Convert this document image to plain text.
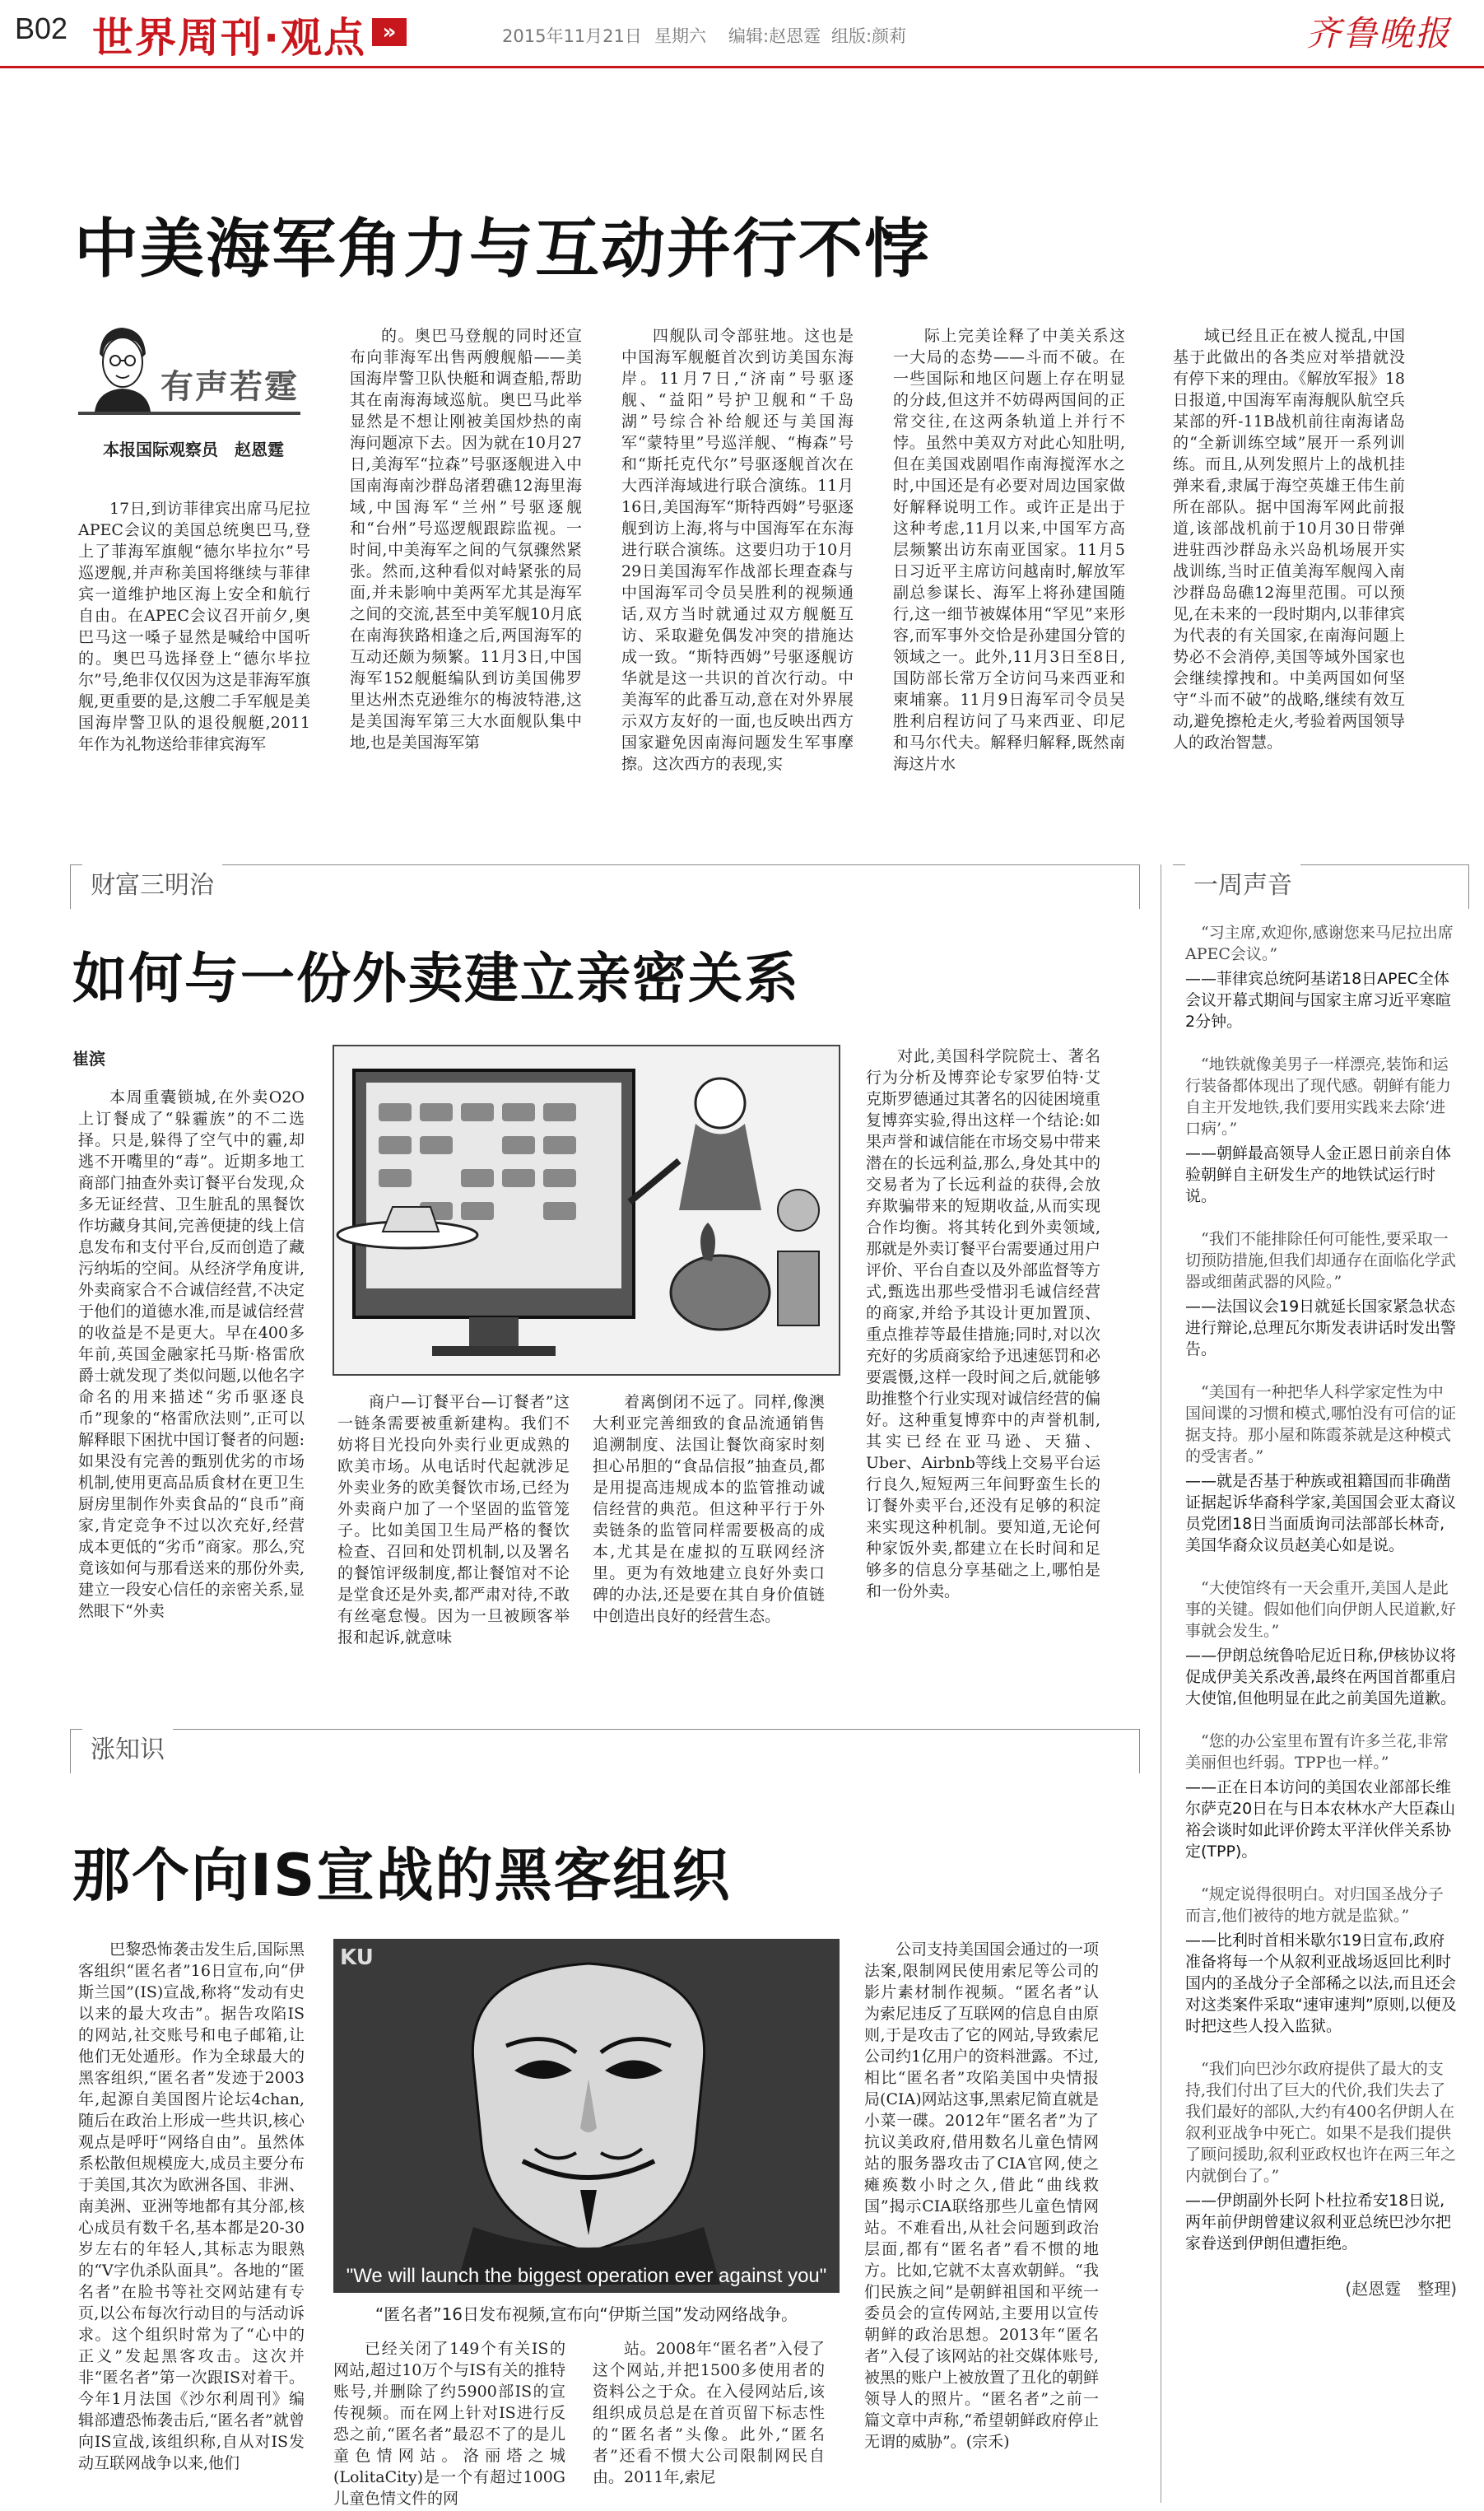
B02 世界周刊·观点 »	2015年11月21日 星期六 编辑:赵恩霆 组版:颜莉	齐鲁晚报
中美海军角力与互动并行不悖
有声若霆
本报国际观察员　赵恩霆
17日,到访菲律宾出席马尼拉APEC会议的美国总统奥巴马,登上了菲海军旗舰“德尔毕拉尔”号巡逻舰,并声称美国将继续与菲律宾一道维护地区海上安全和航行自由。在APEC会议召开前夕,奥巴马这一嗓子显然是喊给中国听的。奥巴马选择登上“德尔毕拉尔”号,绝非仅仅因为这是菲海军旗舰,更重要的是,这艘二手军舰是美国海岸警卫队的退役舰艇,2011年作为礼物送给菲律宾海军
的。奥巴马登舰的同时还宣布向菲海军出售两艘舰船——美国海岸警卫队快艇和调查船,帮助其在南海海域巡航。奥巴马此举显然是不想让刚被美国炒热的南海问题凉下去。因为就在10月27日,美海军“拉森”号驱逐舰进入中国南海南沙群岛渚碧礁12海里海域,中国海军“兰州”号驱逐舰和“台州”号巡逻舰跟踪监视。一时间,中美海军之间的气氛骤然紧张。然而,这种看似对峙紧张的局面,并未影响中美两军尤其是海军之间的交流,甚至中美军舰10月底在南海狭路相逢之后,两国海军的互动还颇为频繁。11月3日,中国海军152舰艇编队到访美国佛罗里达州杰克逊维尔的梅波特港,这是美国海军第三大水面舰队集中地,也是美国海军第
四舰队司令部驻地。这也是中国海军舰艇首次到访美国东海岸。11月7日,“济南”号驱逐舰、“益阳”号护卫舰和“千岛湖”号综合补给舰还与美国海军“蒙特里”号巡洋舰、“梅森”号和“斯托克代尔”号驱逐舰首次在大西洋海域进行联合演练。11月16日,美国海军“斯特西姆”号驱逐舰到访上海,将与中国海军在东海进行联合演练。这要归功于10月29日美国海军作战部长理查森与中国海军司令员吴胜利的视频通话,双方当时就通过双方舰艇互访、采取避免偶发冲突的措施达成一致。“斯特西姆”号驱逐舰访华就是这一共识的首次行动。中美海军的此番互动,意在对外界展示双方友好的一面,也反映出西方国家避免因南海问题发生军事摩擦。这次西方的表现,实
际上完美诠释了中美关系这一大局的态势——斗而不破。在一些国际和地区问题上存在明显的分歧,但这并不妨碍两国间的正常交往,在这两条轨道上并行不悖。虽然中美双方对此心知肚明,但在美国戏剧唱作南海搅浑水之时,中国还是有必要对周边国家做好解释说明工作。或许正是出于这种考虑,11月以来,中国军方高层频繁出访东南亚国家。11月5日习近平主席访问越南时,解放军副总参谋长、海军上将孙建国随行,这一细节被媒体用“罕见”来形容,而军事外交恰是孙建国分管的领域之一。此外,11月3日至8日,国防部长常万全访问马来西亚和柬埔寨。11月9日海军司令员吴胜利启程访问了马来西亚、印尼和马尔代夫。解释归解释,既然南海这片水
域已经且正在被人搅乱,中国基于此做出的各类应对举措就没有停下来的理由。《解放军报》18日报道,中国海军南海舰队航空兵某部的歼-11B战机前往南海诸岛的“全新训练空域”展开一系列训练。而且,从列发照片上的战机挂弹来看,隶属于海空英雄王伟生前所在部队。据中国海军网此前报道,该部战机前于10月30日带弹进驻西沙群岛永兴岛机场展开实战训练,当时正值美海军舰闯入南沙群岛岛礁12海里范围。可以预见,在未来的一段时期内,以菲律宾为代表的有关国家,在南海问题上势必不会消停,美国等域外国家也会继续撑拽和。中美两国如何坚守“斗而不破”的战略,继续有效互动,避免擦枪走火,考验着两国领导人的政治智慧。
财富三明治
如何与一份外卖建立亲密关系
崔滨
本周重囊锁城,在外卖O2O上订餐成了“躲霾族”的不二选择。只是,躲得了空气中的霾,却逃不开嘴里的“毒”。近期多地工商部门抽查外卖订餐平台发现,众多无证经营、卫生脏乱的黑餐饮作坊藏身其间,完善便捷的线上信息发布和支付平台,反而创造了藏污纳垢的空间。从经济学角度讲,外卖商家合不合诚信经营,不决定于他们的道德水准,而是诚信经营的收益是不是更大。早在400多年前,英国金融家托马斯·格雷欣爵士就发现了类似问题,以他名字命名的用来描述“劣币驱逐良币”现象的“格雷欣法则”,正可以解释眼下困扰中国订餐者的问题:如果没有完善的甄别优劣的市场机制,使用更高品质食材在更卫生厨房里制作外卖食品的“良币”商家,肯定竞争不过以次充好,经营成本更低的“劣币”商家。那么,究竟该如何与那看送来的那份外卖,建立一段安心信任的亲密关系,显然眼下“外卖
商户—订餐平台—订餐者”这一链条需要被重新建构。我们不妨将目光投向外卖行业更成熟的欧美市场。从电话时代起就涉足外卖业务的欧美餐饮市场,已经为外卖商户加了一个坚固的监管笼子。比如美国卫生局严格的餐饮检查、召回和处罚机制,以及署名的餐馆评级制度,都让餐馆对不论是堂食还是外卖,都严肃对待,不敢有丝毫怠慢。因为一旦被顾客举报和起诉,就意味
着离倒闭不远了。同样,像澳大利亚完善细致的食品流通销售追溯制度、法国让餐饮商家时刻担心吊胆的“食品信报”抽查员,都是用提高违规成本的监管推动诚信经营的典范。但这种平行于外卖链条的监管同样需要极高的成本,尤其是在虚拟的互联网经济里。更为有效地建立良好外卖口碑的办法,还是要在其自身价值链中创造出良好的经营生态。
对此,美国科学院院士、著名行为分析及博弈论专家罗伯特·艾克斯罗德通过其著名的囚徒困境重复博弈实验,得出这样一个结论:如果声誉和诚信能在市场交易中带来潜在的长远利益,那么,身处其中的交易者为了长远利益的获得,会放弃欺骗带来的短期收益,从而实现合作均衡。将其转化到外卖领域,那就是外卖订餐平台需要通过用户评价、平台自查以及外部监督等方式,甄选出那些受惜羽毛诚信经营的商家,并给予其设计更加置顶、重点推荐等最佳措施;同时,对以次充好的劣质商家给予迅速惩罚和必要震慑,这样一段时间之后,就能够助推整个行业实现对诚信经营的偏好。这种重复博弈中的声誉机制,其实已经在亚马逊、天猫、Uber、Airbnb等线上交易平台运行良久,短短两三年间野蛮生长的订餐外卖平台,还没有足够的积淀来实现这种机制。要知道,无论何种家饭外卖,都建立在长时间和足够多的信息分享基础之上,哪怕是和一份外卖。
涨知识
那个向IS宣战的黑客组织
巴黎恐怖袭击发生后,国际黑客组织“匿名者”16日宣布,向“伊斯兰国”(IS)宣战,称将“发动有史以来的最大攻击”。据告攻陷IS的网站,社交账号和电子邮箱,让他们无处遁形。作为全球最大的黑客组织,“匿名者”发迹于2003年,起源自美国图片论坛4chan,随后在政治上形成一些共识,核心观点是呼吁“网络自由”。虽然体系松散但规模庞大,成员主要分布于美国,其次为欧洲各国、非洲、南美洲、亚洲等地都有其分部,核心成员有数千名,基本都是20-30岁左右的年轻人,其标志为眼熟的“V字仇杀队面具”。各地的“匿名者”在脸书等社交网站建有专页,以公布每次行动目的与活动诉求。这个组织时常为了“心中的正义”发起黑客攻击。这次并非“匿名者”第一次跟IS对着干。今年1月法国《沙尔利周刊》编辑部遭恐怖袭击后,“匿名者”就曾向IS宣战,该组织称,自从对IS发动互联网战争以来,他们
KU
"We will launch the biggest operation ever against you"
“匿名者”16日发布视频,宣布向“伊斯兰国”发动网络战争。
已经关闭了149个有关IS的网站,超过10万个与IS有关的推特账号,并删除了约5900部IS的宣传视频。而在网上针对IS进行反恐之前,“匿名者”最忍不了的是儿童色情网站。洛丽塔之城(LolitaCity)是一个有超过100G儿童色情文件的网
站。2008年“匿名者”入侵了这个网站,并把1500多使用者的资料公之于众。在入侵网站后,该组织成员总是在首页留下标志性的“匿名者”头像。此外,“匿名者”还看不惯大公司限制网民自由。2011年,索尼
公司支持美国国会通过的一项法案,限制网民使用索尼等公司的影片素材制作视频。“匿名者”认为索尼违反了互联网的信息自由原则,于是攻击了它的网站,导致索尼公司约1亿用户的资料泄露。不过,相比“匿名者”攻陷美国中央情报局(CIA)网站这事,黑索尼简直就是小菜一碟。2012年“匿名者”为了抗议美政府,借用数名儿童色情网站的服务器攻击了CIA官网,使之瘫痪数小时之久,借此“曲线救国”揭示CIA联络那些儿童色情网站。不难看出,从社会问题到政治层面,都有“匿名者”看不惯的地方。比如,它就不太喜欢朝鲜。“我们民族之间”是朝鲜祖国和平统一委员会的宣传网站,主要用以宣传朝鲜的政治思想。2013年“匿名者”入侵了该网站的社交媒体账号,被黑的账户上被放置了丑化的朝鲜领导人的照片。“匿名者”之前一篇文章中声称,“希望朝鲜政府停止无谓的威胁”。(宗禾)
一周声音
“习主席,欢迎你,感谢您来马尼拉出席APEC会议。”
——菲律宾总统阿基诺18日APEC全体会议开幕式期间与国家主席习近平寒暄2分钟。
“地铁就像美男子一样漂亮,装饰和运行装备都体现出了现代感。朝鲜有能力自主开发地铁,我们要用实践来去除‘进口病’。”
——朝鲜最高领导人金正恩日前亲自体验朝鲜自主研发生产的地铁试运行时说。
“我们不能排除任何可能性,要采取一切预防措施,但我们却通存在面临化学武器或细菌武器的风险。”
——法国议会19日就延长国家紧急状态进行辩论,总理瓦尔斯发表讲话时发出警告。
“美国有一种把华人科学家定性为中国间谍的习惯和模式,哪怕没有可信的证据支持。那小屋和陈霞茶就是这种模式的受害者。”
——就是否基于种族或祖籍国而非确凿证据起诉华裔科学家,美国国会亚太裔议员党团18日当面质询司法部部长林奇,美国华裔众议员赵美心如是说。
“大使馆终有一天会重开,美国人是此事的关键。假如他们向伊朗人民道歉,好事就会发生。”
——伊朗总统鲁哈尼近日称,伊核协议将促成伊美关系改善,最终在两国首都重启大使馆,但他明显在此之前美国先道歉。
“您的办公室里布置有许多兰花,非常美丽但也纤弱。TPP也一样。”
——正在日本访问的美国农业部部长维尔萨克20日在与日本农林水产大臣森山裕会谈时如此评价跨太平洋伙伴关系协定(TPP)。
“规定说得很明白。对归国圣战分子而言,他们被待的地方就是监狱。”
——比利时首相米歇尔19日宣布,政府准备将每一个从叙利亚战场返回比利时国内的圣战分子全部稀之以法,而且还会对这类案件采取“速审速判”原则,以便及时把这些人投入监狱。
“我们向巴沙尔政府提供了最大的支持,我们付出了巨大的代价,我们失去了我们最好的部队,大约有400名伊朗人在叙利亚战争中死亡。如果不是我们提供了顾问援助,叙利亚政权也许在两三年之内就倒台了。”
——伊朗副外长阿卜杜拉希安18日说,两年前伊朗曾建议叙利亚总统巴沙尔把家眷送到伊朗但遭拒绝。
(赵恩霆　整理)
